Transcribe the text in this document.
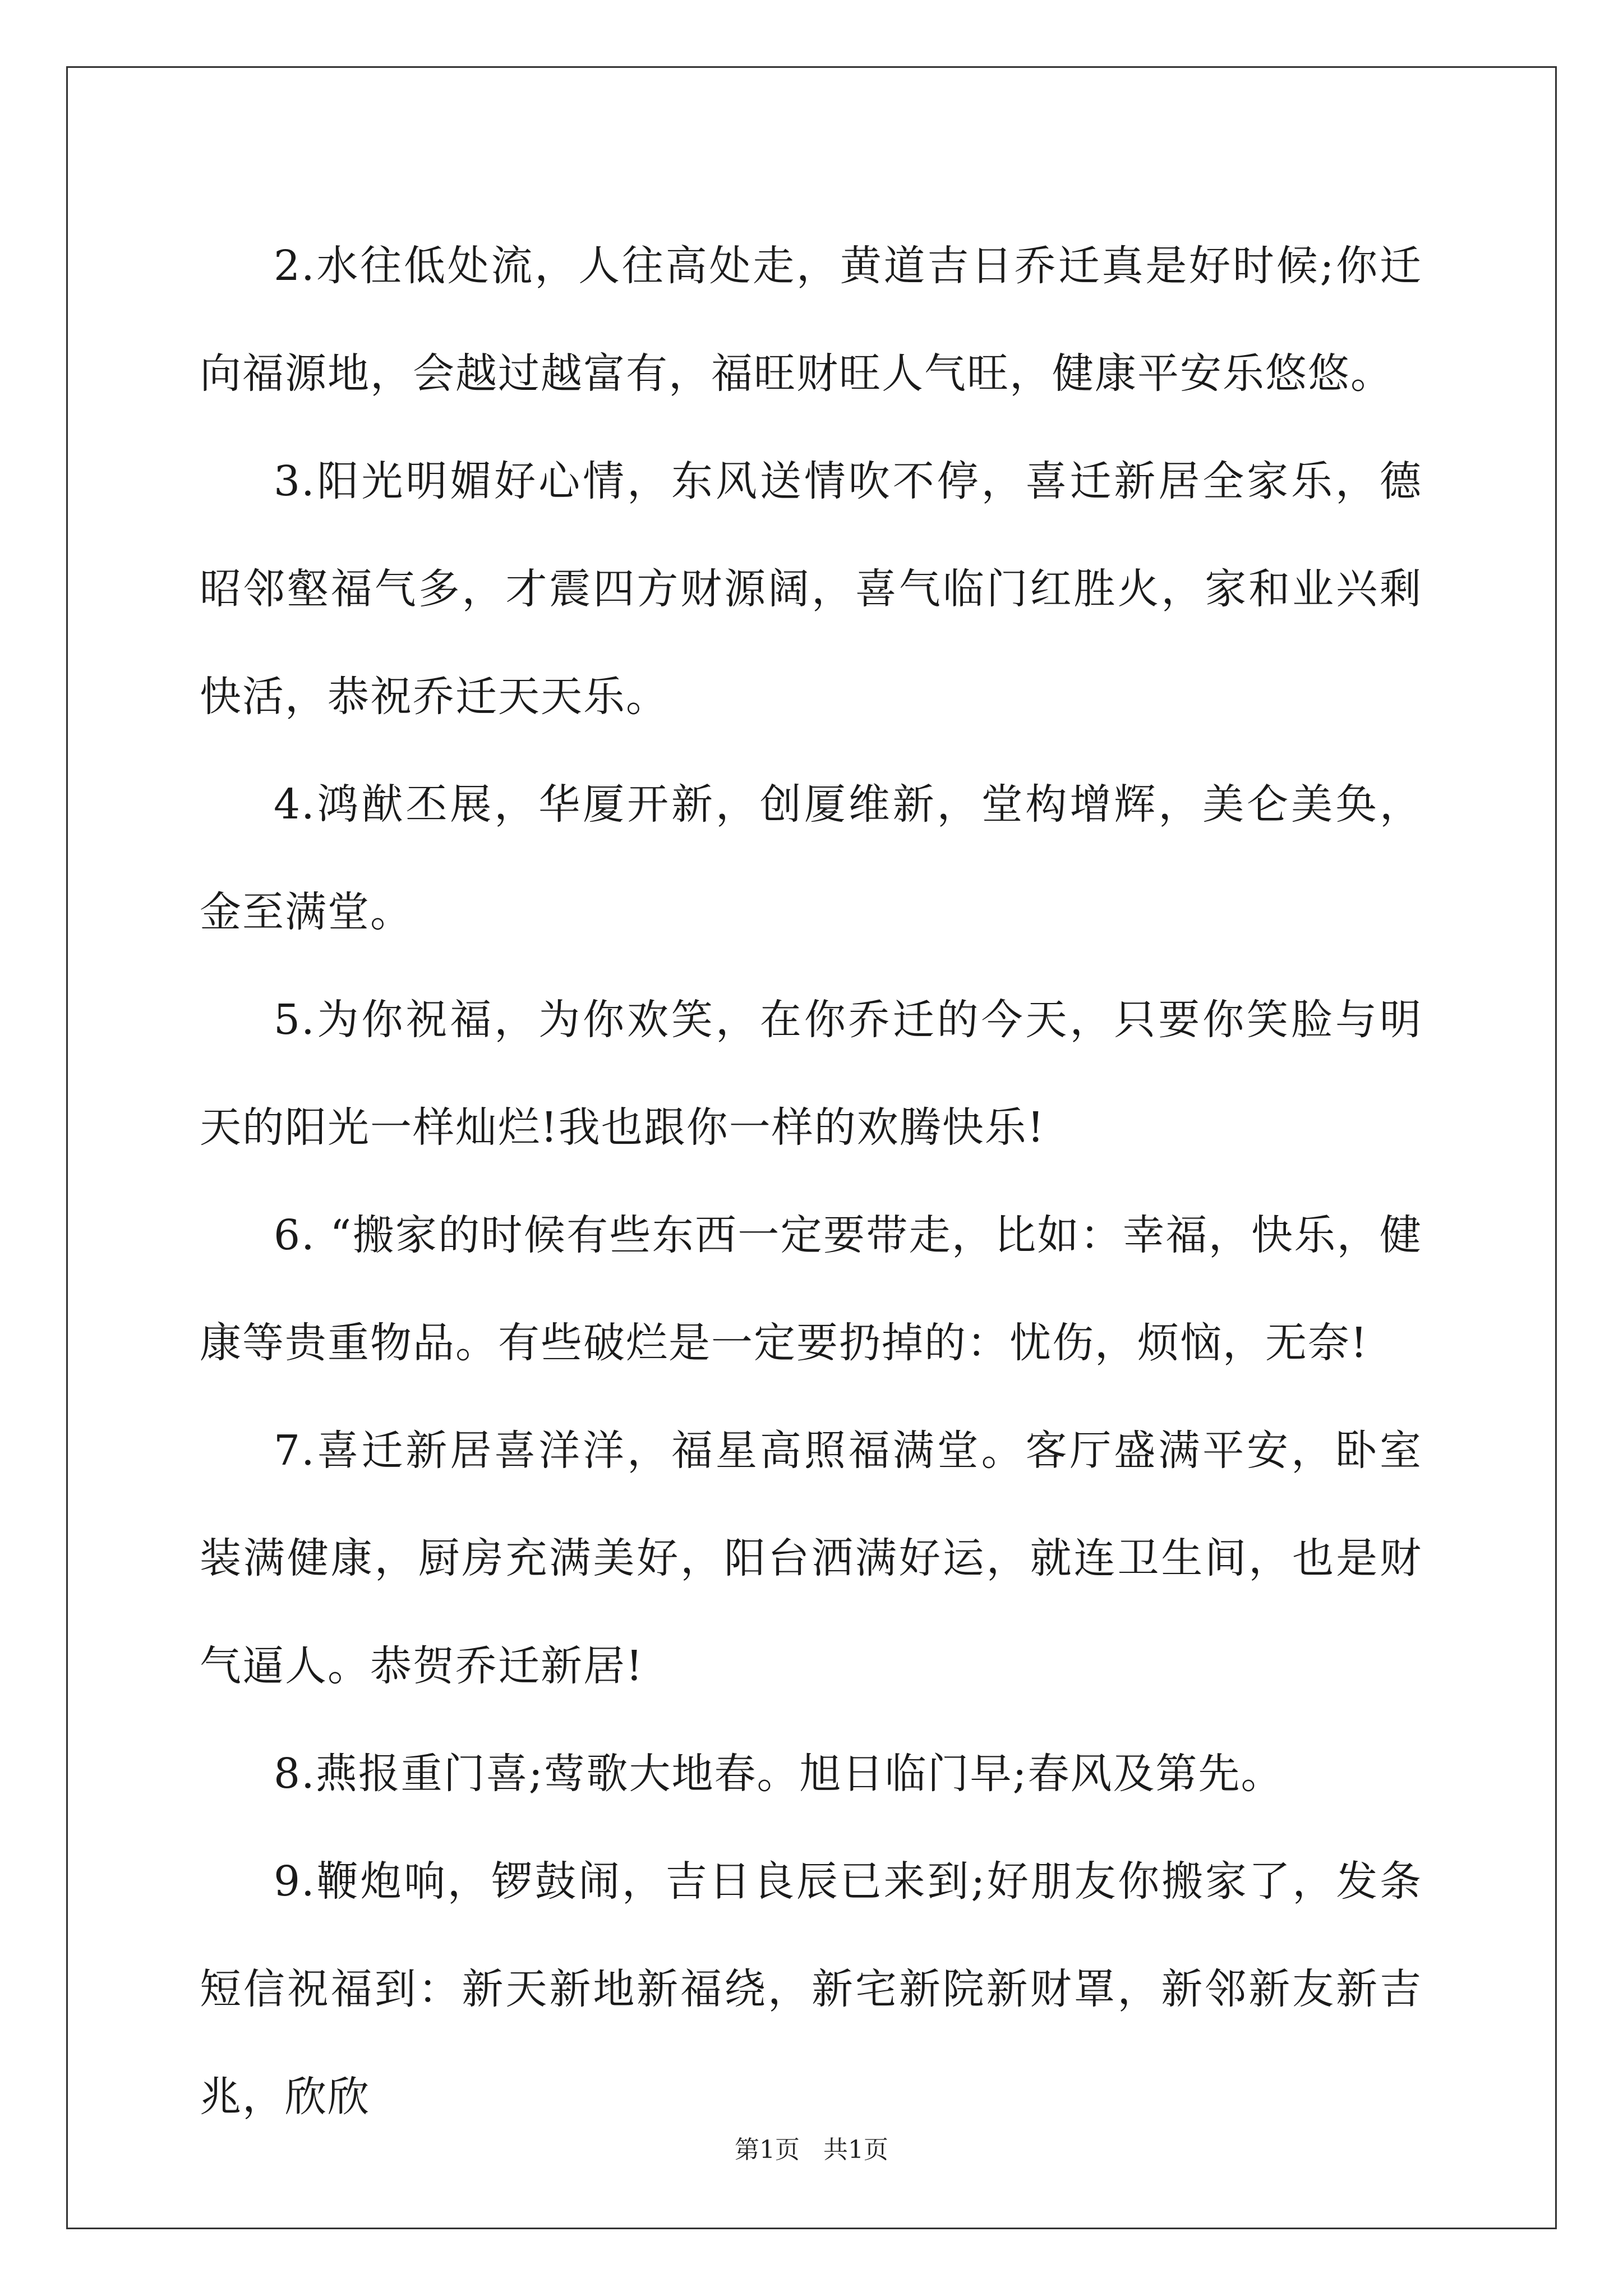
2.水往低处流，人往高处走，黄道吉日乔迁真是好时候;你迁向福源地，会越过越富有，福旺财旺人气旺，健康平安乐悠悠。

3.阳光明媚好心情，东风送情吹不停，喜迁新居全家乐，德昭邻壑福气多，才震四方财源阔，喜气临门红胜火，家和业兴剩快活，恭祝乔迁天天乐。

4.鸿猷丕展，华厦开新，创厦维新，堂构增辉，美仑美奂，金至满堂。

5.为你祝福，为你欢笑，在你乔迁的今天，只要你笑脸与明天的阳光一样灿烂!我也跟你一样的欢腾快乐!

6. “搬家的时候有些东西一定要带走，比如：幸福，快乐，健康等贵重物品。有些破烂是一定要扔掉的：忧伤，烦恼，无奈!

7.喜迁新居喜洋洋，福星高照福满堂。客厅盛满平安，卧室装满健康，厨房充满美好，阳台洒满好运，就连卫生间，也是财气逼人。恭贺乔迁新居!

8.燕报重门喜;莺歌大地春。旭日临门早;春风及第先。

9.鞭炮响，锣鼓闹，吉日良辰已来到;好朋友你搬家了，发条短信祝福到：新天新地新福绕，新宅新院新财罩，新邻新友新吉兆，欣欣

第1页 共1页
